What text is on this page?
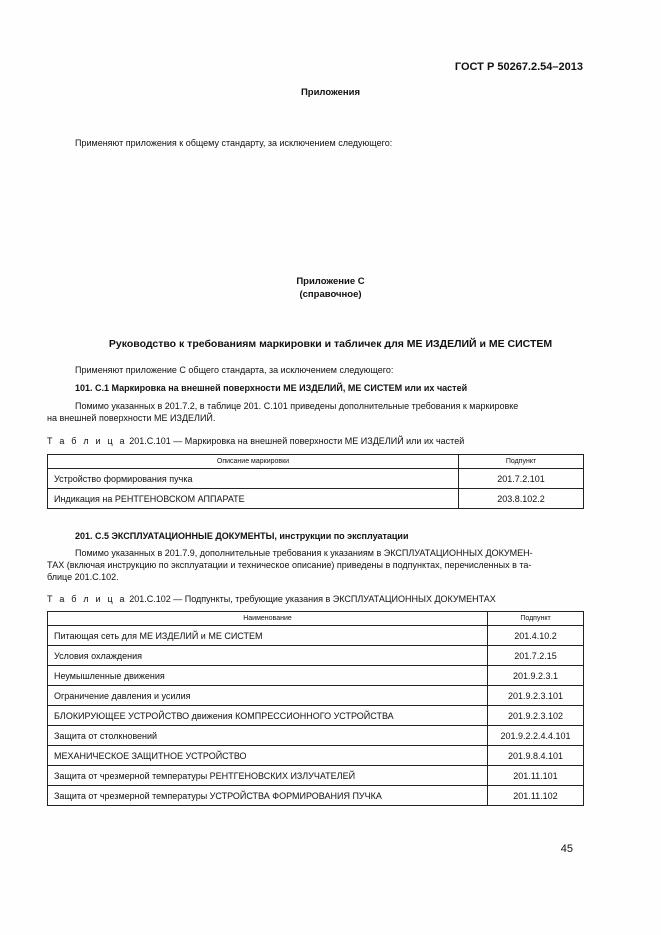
ГОСТ Р 50267.2.54–2013
Приложения
Применяют приложения к общему стандарту, за исключением следующего:
Приложение С
(справочное)
Руководство к требованиям маркировки и табличек для МЕ ИЗДЕЛИЙ и МЕ СИСТЕМ
Применяют приложение С общего стандарта, за исключением следующего:
101. С.1 Маркировка на внешней поверхности МЕ ИЗДЕЛИЙ, МЕ СИСТЕМ или их частей
Помимо указанных в 201.7.2, в таблице 201. С.101 приведены дополнительные требования к маркировке
на внешней поверхности МЕ ИЗДЕЛИЙ.
Т а б л и ц а 201.С.101 — Маркировка на внешней поверхности МЕ ИЗДЕЛИЙ или их частей
Описание маркировки	Подпункт
Устройство формирования пучка	201.7.2.101
Индикация на РЕНТГЕНОВСКОМ АППАРАТЕ	203.8.102.2
201. С.5 ЭКСПЛУАТАЦИОННЫЕ ДОКУМЕНТЫ, инструкции по эксплуатации
Помимо указанных в 201.7.9, дополнительные требования к указаниям в ЭКСПЛУАТАЦИОННЫХ ДОКУМЕН-
ТАХ (включая инструкцию по эксплуатации и техническое описание) приведены в подпунктах, перечисленных в та-
блице 201.С.102.
Т а б л и ц а 201.С.102 — Подпункты, требующие указания в ЭКСПЛУАТАЦИОННЫХ ДОКУМЕНТАХ
Наименование	Подпункт
Питающая сеть для МЕ ИЗДЕЛИЙ и МЕ СИСТЕМ	201.4.10.2
Условия охлаждения	201.7.2.15
Неумышленные движения	201.9.2.3.1
Ограничение давления и усилия	201.9.2.3.101
БЛОКИРУЮЩЕЕ УСТРОЙСТВО движения КОМПРЕССИОННОГО УСТРОЙСТВА	201.9.2.3.102
Защита от столкновений	201.9.2.2.4.4.101
МЕХАНИЧЕСКОЕ ЗАЩИТНОЕ УСТРОЙСТВО	201.9.8.4.101
Защита от чрезмерной температуры РЕНТГЕНОВСКИХ ИЗЛУЧАТЕЛЕЙ	201.11.101
Защита от чрезмерной температуры УСТРОЙСТВА ФОРМИРОВАНИЯ ПУЧКА	201.11.102
45
